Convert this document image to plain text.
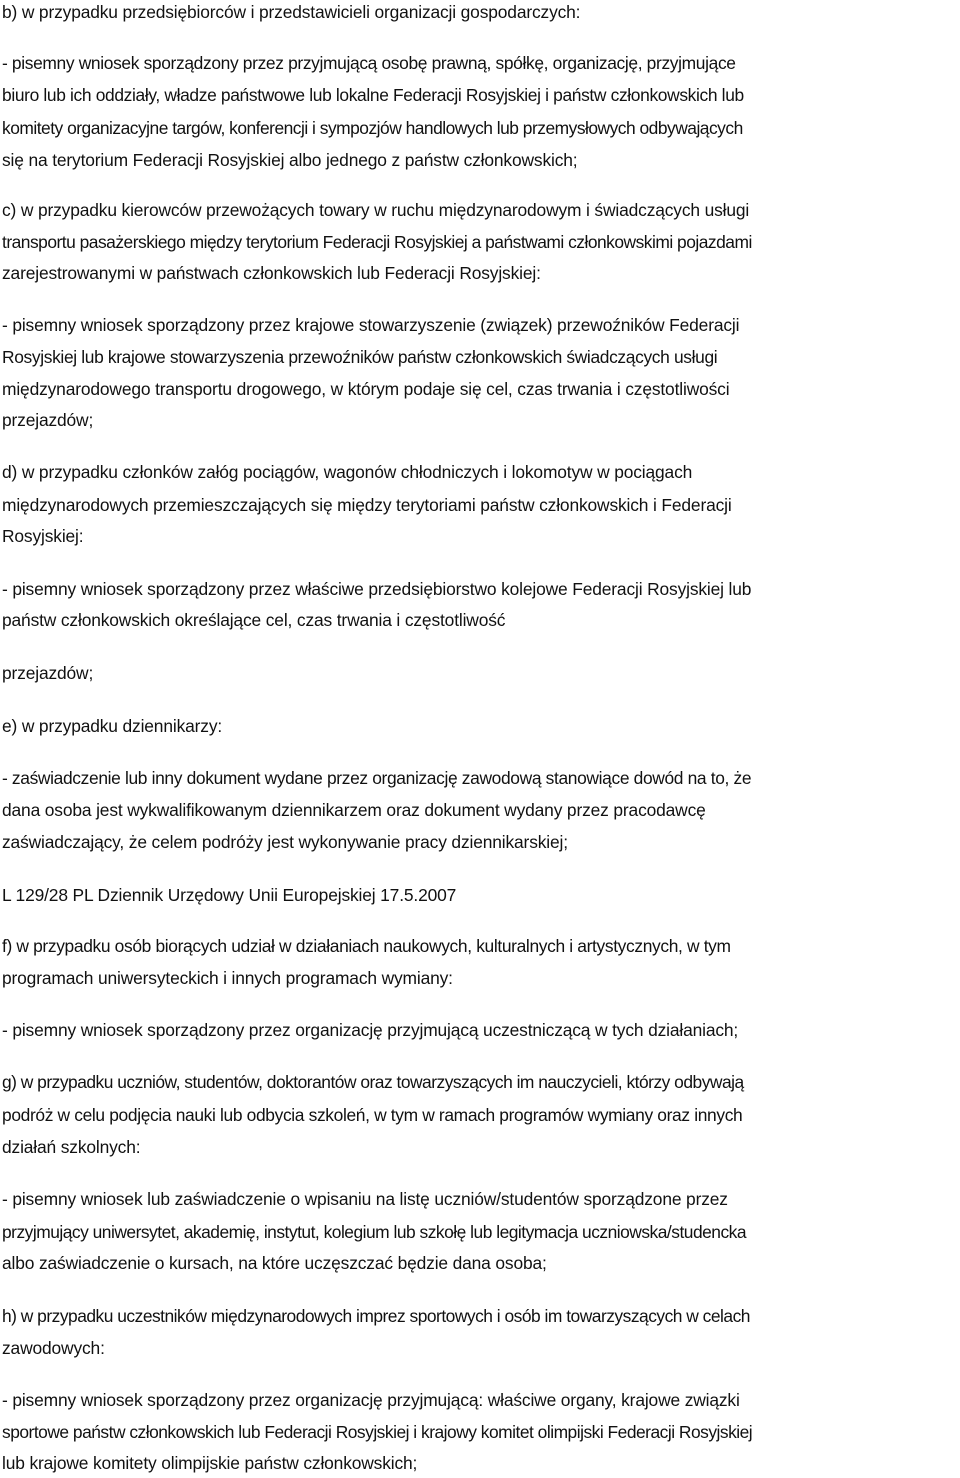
b) w przypadku przedsiębiorców i przedstawicieli organizacji gospodarczych:

- pisemny wniosek sporządzony przez przyjmującą osobę prawną, spółkę, organizację, przyjmujące

biuro lub ich oddziały, władze państwowe lub lokalne Federacji Rosyjskiej i państw członkowskich lub

komitety organizacyjne targów, konferencji i sympozjów handlowych lub przemysłowych odbywających

się na terytorium Federacji Rosyjskiej albo jednego z państw członkowskich;

c) w przypadku kierowców przewożących towary w ruchu międzynarodowym i świadczących usługi

transportu pasażerskiego między terytorium Federacji Rosyjskiej a państwami członkowskimi pojazdami

zarejestrowanymi w państwach członkowskich lub Federacji Rosyjskiej:

- pisemny wniosek sporządzony przez krajowe stowarzyszenie (związek) przewoźników Federacji

Rosyjskiej lub krajowe stowarzyszenia przewoźników państw członkowskich świadczących usługi

międzynarodowego transportu drogowego, w którym podaje się cel, czas trwania i częstotliwości

przejazdów;

d) w przypadku członków załóg pociągów, wagonów chłodniczych i lokomotyw w pociągach

międzynarodowych przemieszczających się między terytoriami państw członkowskich i Federacji

Rosyjskiej:

- pisemny wniosek sporządzony przez właściwe przedsiębiorstwo kolejowe Federacji Rosyjskiej lub

państw członkowskich określające cel, czas trwania i częstotliwość

przejazdów;

e) w przypadku dziennikarzy:

- zaświadczenie lub inny dokument wydane przez organizację zawodową stanowiące dowód na to, że

dana osoba jest wykwalifikowanym dziennikarzem oraz dokument wydany przez pracodawcę

zaświadczający, że celem podróży jest wykonywanie pracy dziennikarskiej;

L 129/28 PL Dziennik Urzędowy Unii Europejskiej 17.5.2007

f) w przypadku osób biorących udział w działaniach naukowych, kulturalnych i artystycznych, w tym

programach uniwersyteckich i innych programach wymiany:

- pisemny wniosek sporządzony przez organizację przyjmującą uczestniczącą w tych działaniach;

g) w przypadku uczniów, studentów, doktorantów oraz towarzyszących im nauczycieli, którzy odbywają

podróż w celu podjęcia nauki lub odbycia szkoleń, w tym w ramach programów wymiany oraz innych

działań szkolnych:

- pisemny wniosek lub zaświadczenie o wpisaniu na listę uczniów/studentów sporządzone przez

przyjmujący uniwersytet, akademię, instytut, kolegium lub szkołę lub legitymacja uczniowska/studencka

albo zaświadczenie o kursach, na które uczęszczać będzie dana osoba;

h) w przypadku uczestników międzynarodowych imprez sportowych i osób im towarzyszących w celach

zawodowych:

- pisemny wniosek sporządzony przez organizację przyjmującą: właściwe organy, krajowe związki

sportowe państw członkowskich lub Federacji Rosyjskiej i krajowy komitet olimpijski Federacji Rosyjskiej

lub krajowe komitety olimpijskie państw członkowskich;
